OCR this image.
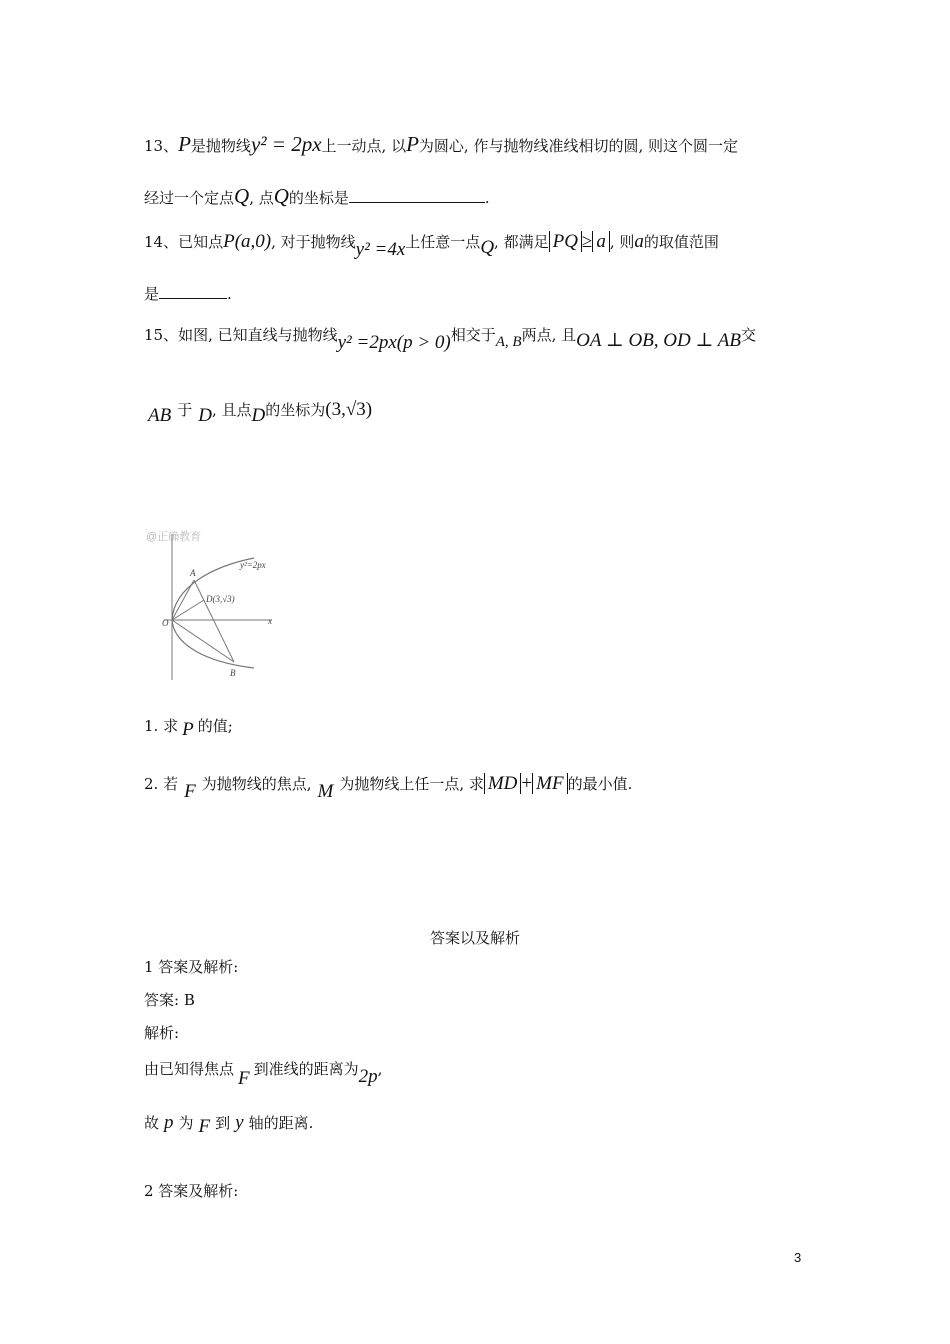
13、P是抛物线y² = 2px上一动点, 以P为圆心, 作与抛物线准线相切的圆, 则这个圆一定
经过一个定点Q, 点Q的坐标是	.
14、已知点P(a,0), 对于抛物线y² =4x上任意一点Q, 都满足 PQ ≥ a , 则a的取值范围
是	.
15、如图, 已知直线与抛物线y² =2px(p > 0)相交于A, B两点, 且OA ⊥ OB, OD ⊥ AB交
AB 于 D, 且点D的坐标为(3,√3)
@正确教育
y²=2px
A
D(3,√3)
O	x
B
1. 求 P 的值;
2. 若 F 为抛物线的焦点, M 为抛物线上任一点, 求 MD + MF 的最小值.
答案以及解析
1 答案及解析:
答案: B
解析:
由已知得焦点 F 到准线的距离为2p,
故 p 为 F 到 y 轴的距离.
2 答案及解析:
3
